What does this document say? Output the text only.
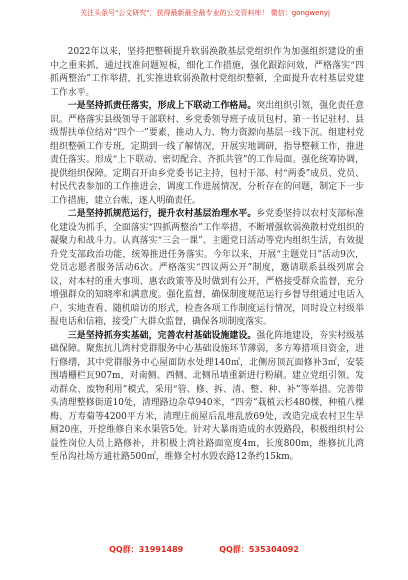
关注头条号"公文研究"，获得最新最全最专业的公文资料库！ 微信：gongwenyj

2022年以来，坚持把整顿提升软弱涣散基层党组织作为加强组织建设的重中之重来抓，通过找准问题短板，细化工作措施，强化跟踪问效，严格落实“四抓两整治”工作举措，扎实推进软弱涣散村党组织整顿，全面提升农村基层党建工作水平。

一是坚持抓责任落实，形成上下联动工作格局。突出组织引领，强化责任意识。严格落实县级领导干部联村、乡党委领导班子成员包村、第一书记驻村、县级帮扶单位结对“四个一”要素，推动人力、物力资源向基层一线下沉。组建村党组织整顿工作专班，定期到一线了解情况，开展实地调研，指导整顿工作，推进责任落实。形成“上下联动、密切配合、齐抓共管”的工作局面。强化统筹协调，提供组织保障。定期召开由乡党委书记主持，包村干部、村“两委”成员、党员、村民代表参加的工作推进会，调度工作进展情况，分析存在的问题，制定下一步工作措施，建立台帐，逐人明确责任。

二是坚持抓规范运行，提升农村基层治理水平。乡党委坚持以农村支部标准化建设为抓手，全面落实“四抓两整治”工作举措，不断增强软弱涣散村党组织的凝聚力和战斗力。认真落实“三会一课”、主题党日活动等党内组织生活，有效提升党支部政治功能，统筹推进任务落实。今年以来，开展“主题党日”活动9次，党员志愿者服务活动6次。严格落实“四议两公开”制度，邀请联系县级列席会议，对本村的重大事项、惠农政策等及时做到有公开，严格接受群众监督，充分增强群众的知晓率和满意度。强化监督，确保制度规范运行乡督导组通过电话入户、实地查看、随机暗访的形式，检查各项工作制度运行情况，同时设立村级举报电话和信箱，接受广大群众监督，确保各项制度落实。

三是坚持抓夯实基础，完善农村基础设施建设。强化阵地建设，夯实村级基础保障。聚焦抗儿湾村党群服务中心基础设施环节薄弱，多方筹措项目资金，进行修缮，其中党群服务中心屋面防水处理140㎡，北侧房顶瓦面修补3㎡，安装围墙栅栏瓦907m，对南侧、西侧、北侧吊墙重新进行粉刷。建立党组引领、发动群众、废物利用”模式，采用“管、修、拆、清、整、种、补”等举措。完善带头清理整修街道10处，清理路边杂草940米，“四旁”栽植云杉480棵，种植八棵梅、万寿菊等4200平方米，清理庄前屋后乱堆乱放69处，改造完成农村卫生旱厕20座，开挖维修自来水渠管5处。针对大暴雨造成的水毁路段，积极组织村公益性岗位人员上路修补，并积极上湾社路面宽度4m，长度800m，维修抗儿湾至吊沟社场方通社路500㎡，维修全村水毁农路12条约15km。

QQ群：31991489	QQ群：535304092
